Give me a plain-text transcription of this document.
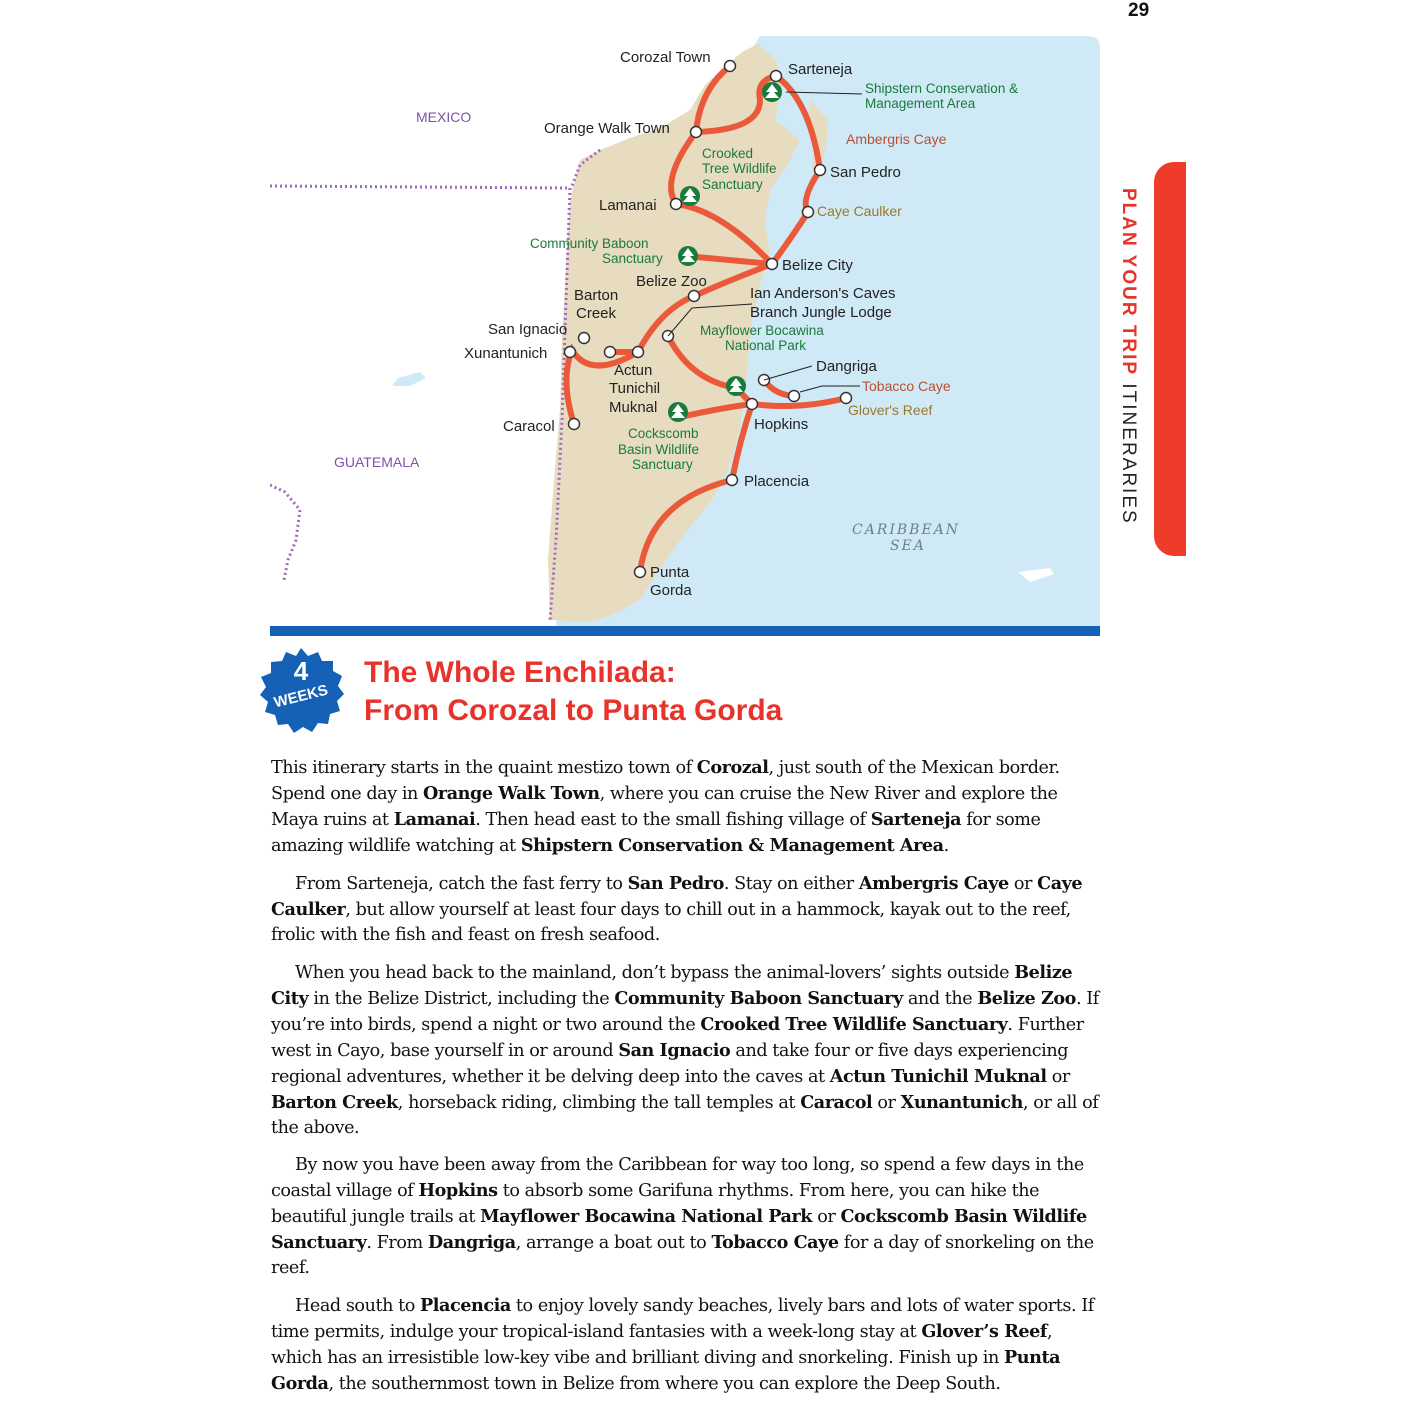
29
PLAN YOUR TRIP ITINERARIES
MEXICO
GUATEMALA
CARIBBEAN
SEA
Corozal Town
Sarteneja
Orange Walk Town
San Pedro
Lamanai
Belize City
Belize Zoo
Barton
Creek
San Ignacio
Xunantunich
Ian Anderson's Caves
Branch Jungle Lodge
Actun
Tunichil
Muknal
Dangriga
Hopkins
Caracol
Placencia
Punta
Gorda
Ambergris Caye
Tobacco Caye
Caye Caulker
Glover's Reef
Shipstern Conservation &
Management Area
Crooked
Tree Wildlife
Sanctuary
Community Baboon
Sanctuary
Mayflower Bocawina
National Park
Cockscomb
Basin Wildlife
Sanctuary
4
WEEKS
The Whole Enchilada:
From Corozal to Punta Gorda

This itinerary starts in the quaint mestizo town of Corozal, just south of the Mexican border. Spend one day in Orange Walk Town, where you can cruise the New River and explore the Maya ruins at Lamanai. Then head east to the small fishing village of Sarteneja for some amazing wildlife watching at Shipstern Conservation & Management Area.

From Sarteneja, catch the fast ferry to San Pedro. Stay on either Ambergris Caye or Caye Caulker, but allow yourself at least four days to chill out in a hammock, kayak out to the reef, frolic with the fish and feast on fresh seafood.

When you head back to the mainland, don’t bypass the animal-lovers’ sights outside Belize City in the Belize District, including the Community Baboon Sanctuary and the Belize Zoo. If you’re into birds, spend a night or two around the Crooked Tree Wildlife Sanctuary. Further west in Cayo, base yourself in or around San Ignacio and take four or five days experiencing regional adventures, whether it be delving deep into the caves at Actun Tunichil Muknal or Barton Creek, horseback riding, climbing the tall temples at Caracol or Xunantunich, or all of the above.

By now you have been away from the Caribbean for way too long, so spend a few days in the coastal village of Hopkins to absorb some Garifuna rhythms. From here, you can hike the beautiful jungle trails at Mayflower Bocawina National Park or Cockscomb Basin Wildlife Sanctuary. From Dangriga, arrange a boat out to Tobacco Caye for a day of snorkeling on the reef.

Head south to Placencia to enjoy lovely sandy beaches, lively bars and lots of water sports. If time permits, indulge your tropical-island fantasies with a week-long stay at Glover’s Reef, which has an irresistible low-key vibe and brilliant diving and snorkeling. Finish up in Punta Gorda, the southernmost town in Belize from where you can explore the Deep South.
